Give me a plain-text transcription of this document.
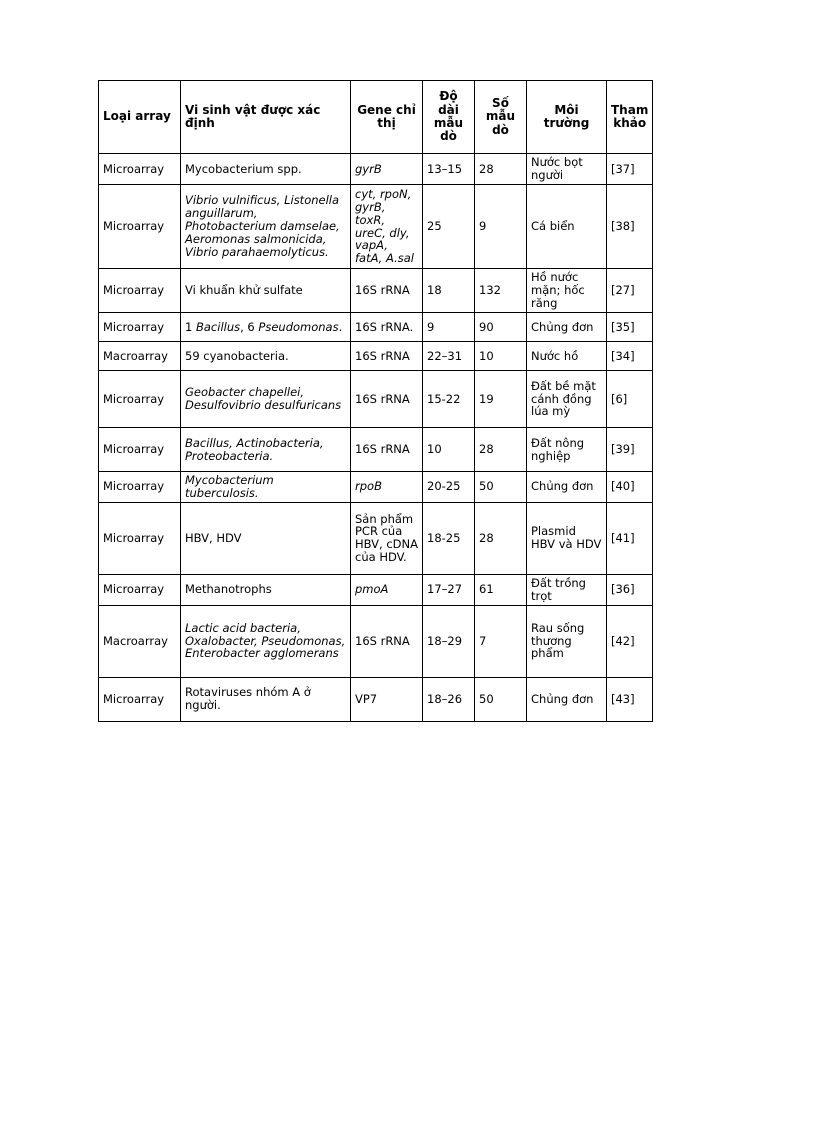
Loại array	Vi sinh vật được xác định	Gene chỉ thị	Độ dài mẫu dò	Số mẫu dò	Môi trường	Tham khảo
Microarray	Mycobacterium spp.	gyrB	13–15	28	Nước bọt người	[37]
Microarray	Vibrio vulnificus, Listonella anguillarum, Photobacterium damselae, Aeromonas salmonicida, Vibrio parahaemolyticus.	cyt, rpoN, gyrB, toxR, ureC, dly, vapA, fatA, A.sal	25	9	Cá biển	[38]
Microarray	Vi khuẩn khử sulfate	16S rRNA	18	132	Hồ nước mặn; hốc răng	[27]
Microarray	1 Bacillus, 6 Pseudomonas.	16S rRNA.	9	90	Chủng đơn	[35]
Macroarray	59 cyanobacteria.	16S rRNA	22–31	10	Nước hồ	[34]
Microarray	Geobacter chapellei, Desulfovibrio desulfuricans	16S rRNA	15-22	19	Đất bề mặt cánh đồng lúa mỳ	[6]
Microarray	Bacillus, Actinobacteria, Proteobacteria.	16S rRNA	10	28	Đất nông nghiệp	[39]
Microarray	Mycobacterium tuberculosis.	rpoB	20-25	50	Chủng đơn	[40]
Microarray	HBV, HDV	Sản phẩm PCR của HBV, cDNA của HDV.	18-25	28	Plasmid HBV và HDV	[41]
Microarray	Methanotrophs	pmoA	17–27	61	Đất trồng trọt	[36]
Macroarray	Lactic acid bacteria, Oxalobacter, Pseudomonas, Enterobacter agglomerans	16S rRNA	18–29	7	Rau sống thương phẩm	[42]
Microarray	Rotaviruses nhóm A ở người.	VP7	18–26	50	Chủng đơn	[43]
